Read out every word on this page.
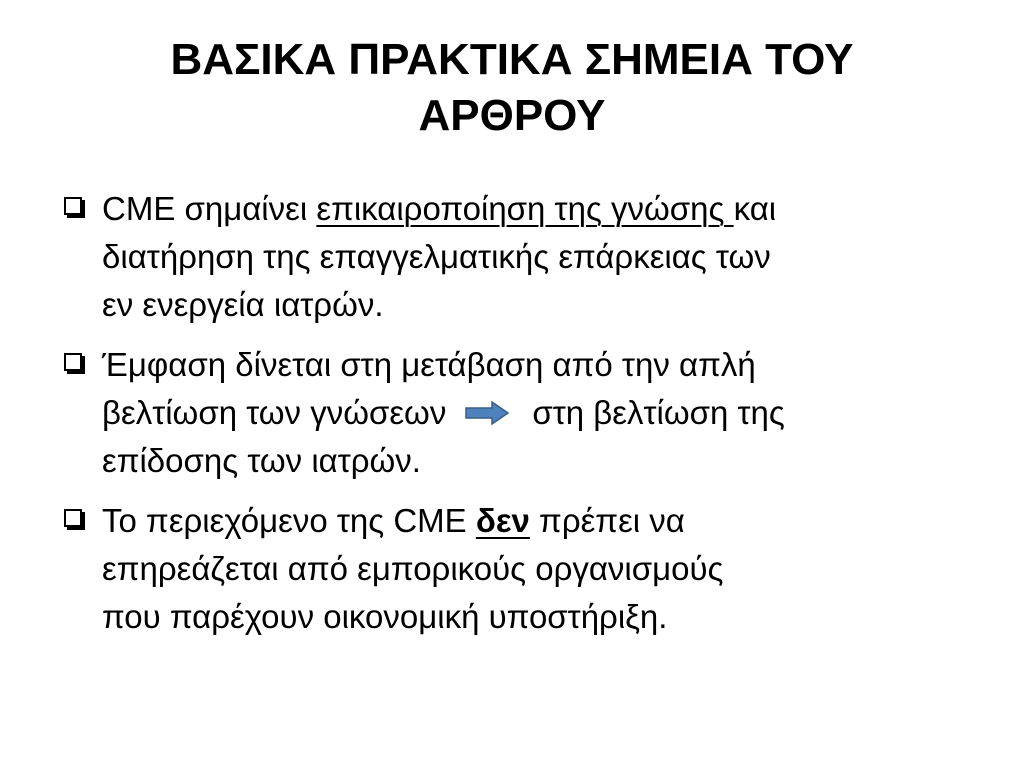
ΒΑΣΙΚΑ ΠΡΑΚΤΙΚΑ ΣΗΜΕΙΑ ΤΟΥ
ΑΡΘΡΟΥ
CME σημαίνει επικαιροποίηση της γνώσης και
διατήρηση της επαγγελματικής επάρκειας των
εν ενεργεία ιατρών.
Έμφαση δίνεται στη μετάβαση από την απλή
βελτίωση των γνώσεων	στη βελτίωση της
επίδοσης των ιατρών.
Το περιεχόμενο της CME δεν πρέπει να
επηρεάζεται από εμπορικούς οργανισμούς
που παρέχουν οικονομική υποστήριξη.
